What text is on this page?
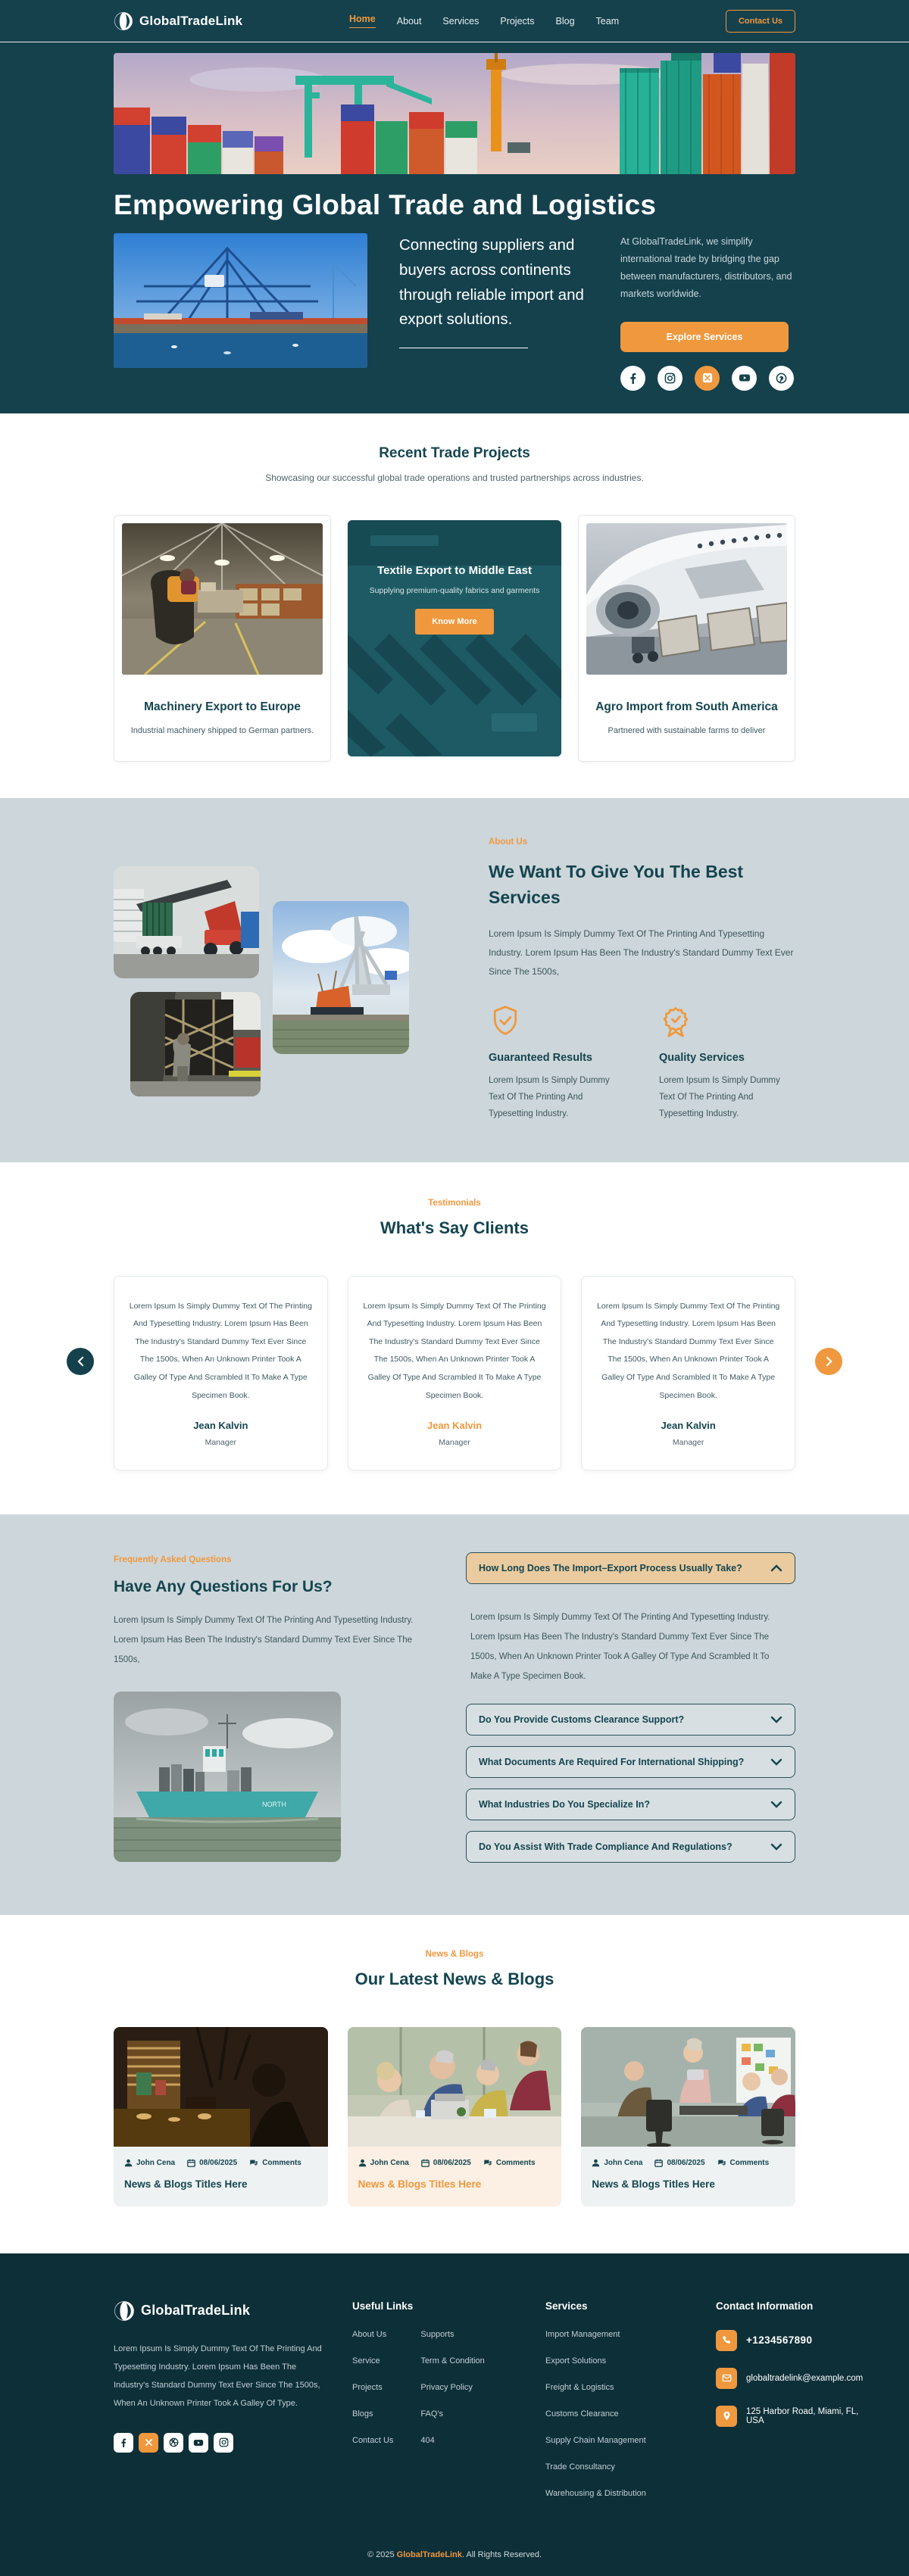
GlobalTradeLink	Home About Services Projects Blog Team	Contact Us
Empowering Global Trade and Logistics

Connecting suppliers and buyers across continents through reliable import and export solutions.

At GlobalTradeLink, we simplify international trade by bridging the gap between manufacturers, distributors, and markets worldwide.

Explore Services
Recent Trade Projects

Showcasing our successful global trade operations and trusted partnerships across industries.

Machinery Export to Europe

Industrial machinery shipped to German partners.

Textile Export to Middle East

Supplying premium-quality fabrics and garments

Know More
Agro Import from South America

Partnered with sustainable farms to deliver

About Us
We Want To Give You The Best Services

Lorem Ipsum Is Simply Dummy Text Of The Printing And Typesetting Industry. Lorem Ipsum Has Been The Industry's Standard Dummy Text Ever Since The 1500s,

Guaranteed Results

Lorem Ipsum Is Simply Dummy Text Of The Printing And Typesetting Industry.

Quality Services

Lorem Ipsum Is Simply Dummy Text Of The Printing And Typesetting Industry.

Testimonials
What's Say Clients

Lorem Ipsum Is Simply Dummy Text Of The Printing And Typesetting Industry. Lorem Ipsum Has Been The Industry's Standard Dummy Text Ever Since The 1500s, When An Unknown Printer Took A Galley Of Type And Scrambled It To Make A Type Specimen Book.

Jean Kalvin
Manager

Lorem Ipsum Is Simply Dummy Text Of The Printing And Typesetting Industry. Lorem Ipsum Has Been The Industry's Standard Dummy Text Ever Since The 1500s, When An Unknown Printer Took A Galley Of Type And Scrambled It To Make A Type Specimen Book.

Jean Kalvin
Manager

Lorem Ipsum Is Simply Dummy Text Of The Printing And Typesetting Industry. Lorem Ipsum Has Been The Industry's Standard Dummy Text Ever Since The 1500s, When An Unknown Printer Took A Galley Of Type And Scrambled It To Make A Type Specimen Book.

Jean Kalvin
Manager
Frequently Asked Questions
Have Any Questions For Us?

Lorem Ipsum Is Simply Dummy Text Of The Printing And Typesetting Industry. Lorem Ipsum Has Been The Industry's Standard Dummy Text Ever Since The 1500s,

NORTH
How Long Does The Import–Export Process Usually Take?

Lorem Ipsum Is Simply Dummy Text Of The Printing And Typesetting Industry. Lorem Ipsum Has Been The Industry's Standard Dummy Text Ever Since The 1500s, When An Unknown Printer Took A Galley Of Type And Scrambled It To Make A Type Specimen Book.

Do You Provide Customs Clearance Support?
What Documents Are Required For International Shipping?
What Industries Do You Specialize In?
Do You Assist With Trade Compliance And Regulations?
News & Blogs
Our Latest News & Blogs
John Cena	08/06/2025	Comments
News & Blogs Titles Here
John Cena	08/06/2025	Comments
News & Blogs Titles Here
John Cena	08/06/2025	Comments
News & Blogs Titles Here
GlobalTradeLink

Lorem Ipsum Is Simply Dummy Text Of The Printing And Typesetting Industry. Lorem Ipsum Has Been The Industry's Standard Dummy Text Ever Since The 1500s, When An Unknown Printer Took A Galley Of Type.

Useful Links
About Us
Service
Projects
Blogs
Contact Us
Supports
Term & Condition
Privacy Policy
FAQ's
404
Services
Import Management
Export Solutions
Freight & Logistics
Customs Clearance
Supply Chain Management
Trade Consultancy
Warehousing & Distribution
Contact Information
+1234567890
globaltradelink@example.com
125 Harbor Road, Miami, FL, USA
© 2025 GlobalTradeLink. All Rights Reserved.
